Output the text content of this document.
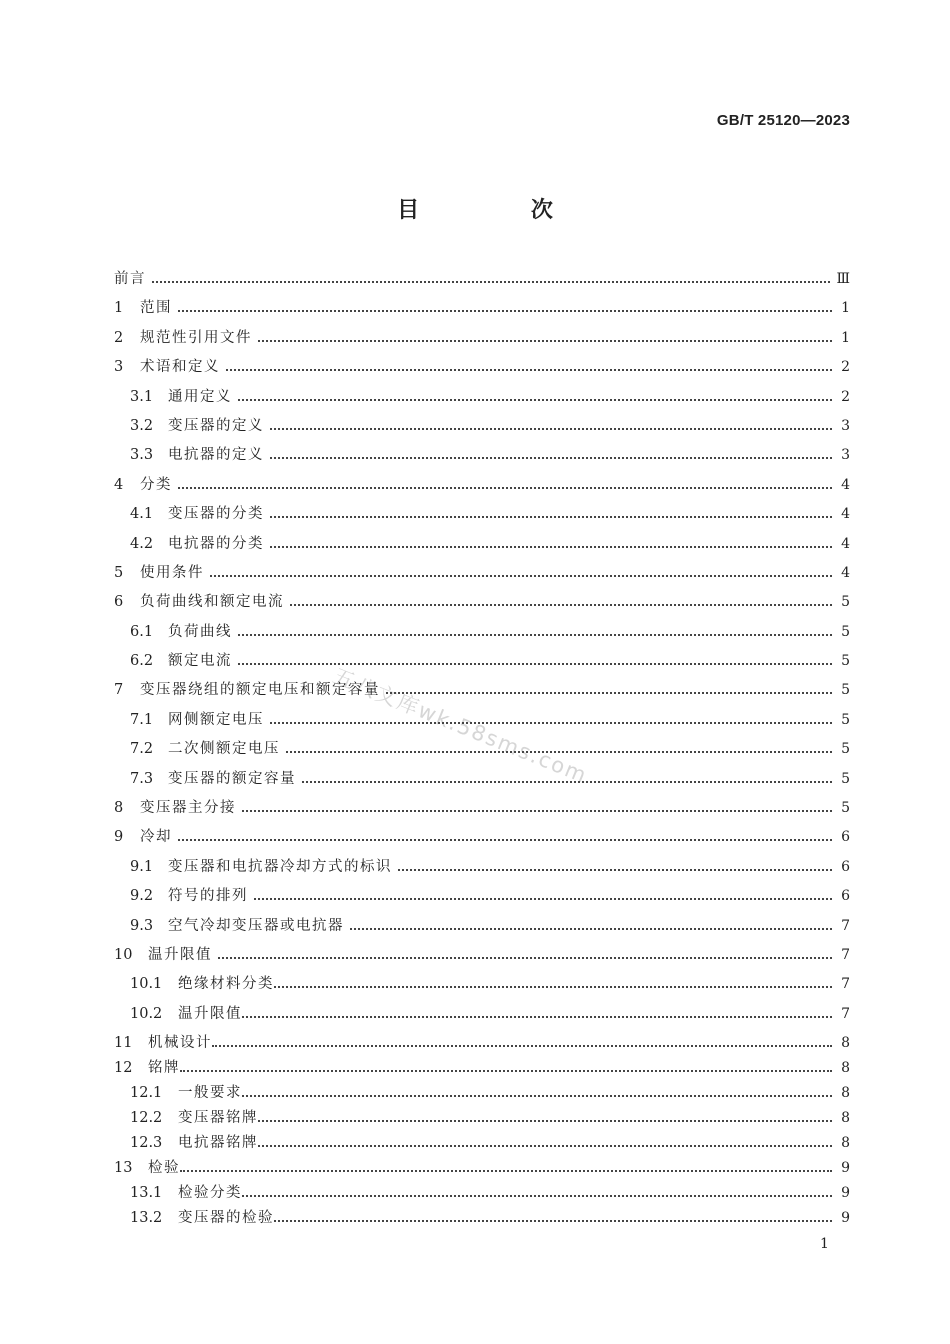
GB/T 25120—2023
目 次
五八文库wk.58sms.com
前言	Ⅲ
1	范围	1
2	规范性引用文件	1
3	术语和定义	2
3.1	通用定义	2
3.2	变压器的定义	3
3.3	电抗器的定义	3
4	分类	4
4.1	变压器的分类	4
4.2	电抗器的分类	4
5	使用条件	4
6	负荷曲线和额定电流	5
6.1	负荷曲线	5
6.2	额定电流	5
7	变压器绕组的额定电压和额定容量	5
7.1	网侧额定电压	5
7.2	二次侧额定电压	5
7.3	变压器的额定容量	5
8	变压器主分接	5
9	冷却	6
9.1	变压器和电抗器冷却方式的标识	6
9.2	符号的排列	6
9.3	空气冷却变压器或电抗器	7
10	温升限值	7
10.1	绝缘材料分类	7
10.2	温升限值	7
11	机械设计	8
12	铭牌	8
12.1	一般要求	8
12.2	变压器铭牌	8
12.3	电抗器铭牌	8
13	检验	9
13.1	检验分类	9
13.2	变压器的检验	9
1
